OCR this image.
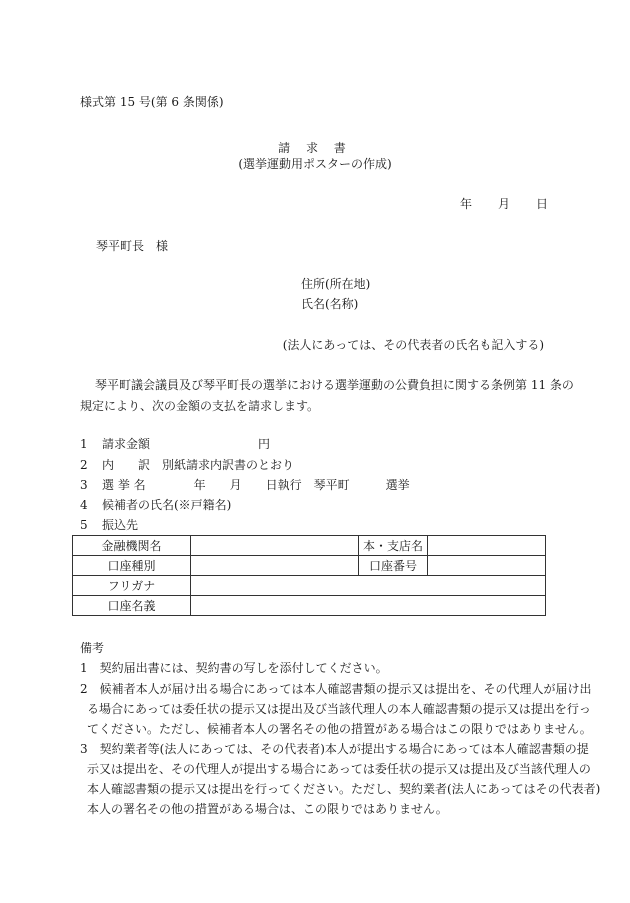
様式第 15 号(第 6 条関係)
請 求 書
(選挙運動用ポスターの作成)
年 月 日
琴平町長　様
住所(所在地)
氏名(名称)
(法人にあっては、その代表者の氏名も記入する)
琴平町議会議員及び琴平町長の選挙における選挙運動の公費負担に関する条例第 11 条の
規定により、次の金額の支払を請求します。
1 請求金額　　　　　　　　　円
2 内　　訳　別紙請求内訳書のとおり
3 選 挙 名　　　　年　　月　　日執行　琴平町　　　選挙
4 候補者の氏名(※戸籍名)
5 振込先
金融機関名		本・支店名	
口座種別		口座番号	
フリガナ			
口座名義			
備考
1　契約届出書には、契約書の写しを添付してください。
2　候補者本人が届け出る場合にあっては本人確認書類の提示又は提出を、その代理人が届け出
る場合にあっては委任状の提示又は提出及び当該代理人の本人確認書類の提示又は提出を行っ
てください。ただし、候補者本人の署名その他の措置がある場合はこの限りではありません。
3　契約業者等(法人にあっては、その代表者)本人が提出する場合にあっては本人確認書類の提
示又は提出を、その代理人が提出する場合にあっては委任状の提示又は提出及び当該代理人の
本人確認書類の提示又は提出を行ってください。ただし、契約業者(法人にあってはその代表者)
本人の署名その他の措置がある場合は、この限りではありません。
